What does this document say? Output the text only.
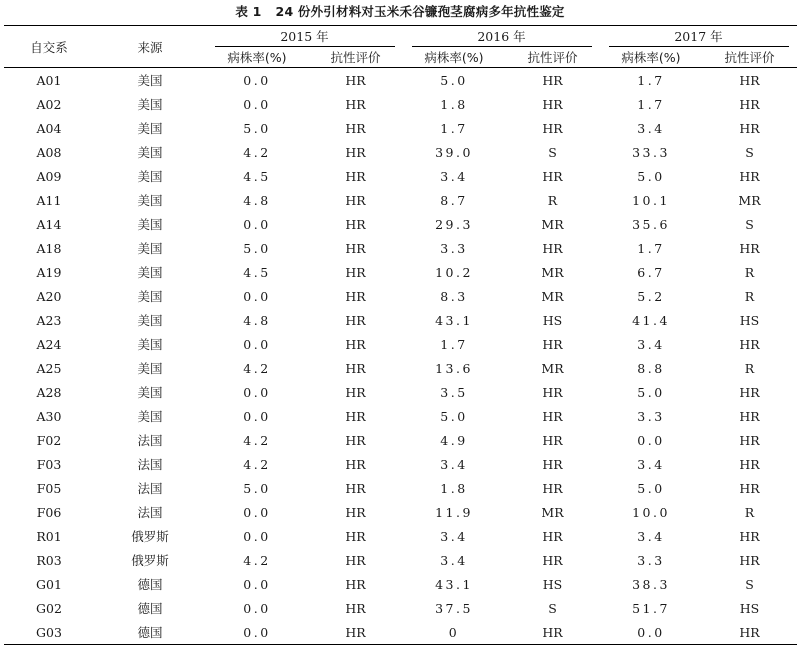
表 1 24 份外引材料对玉米禾谷镰孢茎腐病多年抗性鉴定
自交系	来源	2015 年		2016 年		2017 年	
		病株率(%)	抗性评价	病株率(%)	抗性评价	病株率(%)	抗性评价
A01	美国	0.0	HR	5.0	HR	1.7	HR
A02	美国	0.0	HR	1.8	HR	1.7	HR
A04	美国	5.0	HR	1.7	HR	3.4	HR
A08	美国	4.2	HR	39.0	S	33.3	S
A09	美国	4.5	HR	3.4	HR	5.0	HR
A11	美国	4.8	HR	8.7	R	10.1	MR
A14	美国	0.0	HR	29.3	MR	35.6	S
A18	美国	5.0	HR	3.3	HR	1.7	HR
A19	美国	4.5	HR	10.2	MR	6.7	R
A20	美国	0.0	HR	8.3	MR	5.2	R
A23	美国	4.8	HR	43.1	HS	41.4	HS
A24	美国	0.0	HR	1.7	HR	3.4	HR
A25	美国	4.2	HR	13.6	MR	8.8	R
A28	美国	0.0	HR	3.5	HR	5.0	HR
A30	美国	0.0	HR	5.0	HR	3.3	HR
F02	法国	4.2	HR	4.9	HR	0.0	HR
F03	法国	4.2	HR	3.4	HR	3.4	HR
F05	法国	5.0	HR	1.8	HR	5.0	HR
F06	法国	0.0	HR	11.9	MR	10.0	R
R01	俄罗斯	0.0	HR	3.4	HR	3.4	HR
R03	俄罗斯	4.2	HR	3.4	HR	3.3	HR
G01	德国	0.0	HR	43.1	HS	38.3	S
G02	德国	0.0	HR	37.5	S	51.7	HS
G03	德国	0.0	HR	0	HR	0.0	HR
